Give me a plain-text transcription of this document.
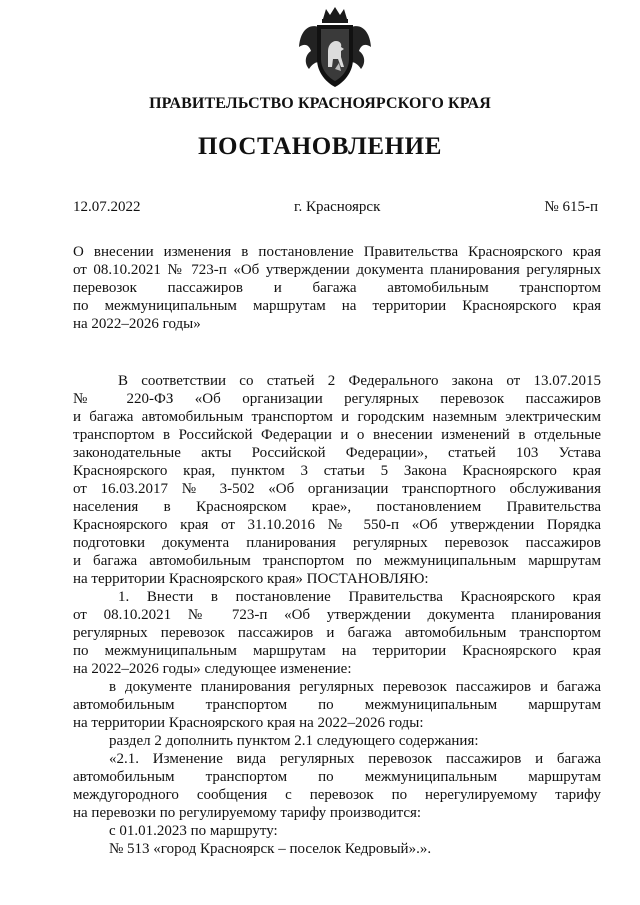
ПРАВИТЕЛЬСТВО КРАСНОЯРСКОГО КРАЯ
ПОСТАНОВЛЕНИЕ
12.07.2022	г. Красноярск	№ 615-п
О внесении изменения в постановление Правительства Красноярского края
от 08.10.2021 № 723-п «Об утверждении документа планирования регулярных
перевозок пассажиров и багажа автомобильным транспортом
по межмуниципальным маршрутам на территории Красноярского края
на 2022–2026 годы»
В соответствии со статьей 2 Федерального закона от 13.07.2015
№ 220-ФЗ «Об организации регулярных перевозок пассажиров
и багажа автомобильным транспортом и городским наземным электрическим
транспортом в Российской Федерации и о внесении изменений в отдельные
законодательные акты Российской Федерации», статьей 103 Устава
Красноярского края, пунктом 3 статьи 5 Закона Красноярского края
от 16.03.2017 № 3-502 «Об организации транспортного обслуживания
населения в Красноярском крае», постановлением Правительства
Красноярского края от 31.10.2016 № 550-п «Об утверждении Порядка
подготовки документа планирования регулярных перевозок пассажиров
и багажа автомобильным транспортом по межмуниципальным маршрутам
на территории Красноярского края» ПОСТАНОВЛЯЮ:
1. Внести в постановление Правительства Красноярского края
от 08.10.2021 № 723-п «Об утверждении документа планирования
регулярных перевозок пассажиров и багажа автомобильным транспортом
по межмуниципальным маршрутам на территории Красноярского края
на 2022–2026 годы» следующее изменение:
в документе планирования регулярных перевозок пассажиров и багажа
автомобильным транспортом по межмуниципальным маршрутам
на территории Красноярского края на 2022–2026 годы:
раздел 2 дополнить пунктом 2.1 следующего содержания:
«2.1. Изменение вида регулярных перевозок пассажиров и багажа
автомобильным транспортом по межмуниципальным маршрутам
междугородного сообщения с перевозок по нерегулируемому тарифу
на перевозки по регулируемому тарифу производится:
с 01.01.2023 по маршруту:
№ 513 «город Красноярск – поселок Кедровый».».
